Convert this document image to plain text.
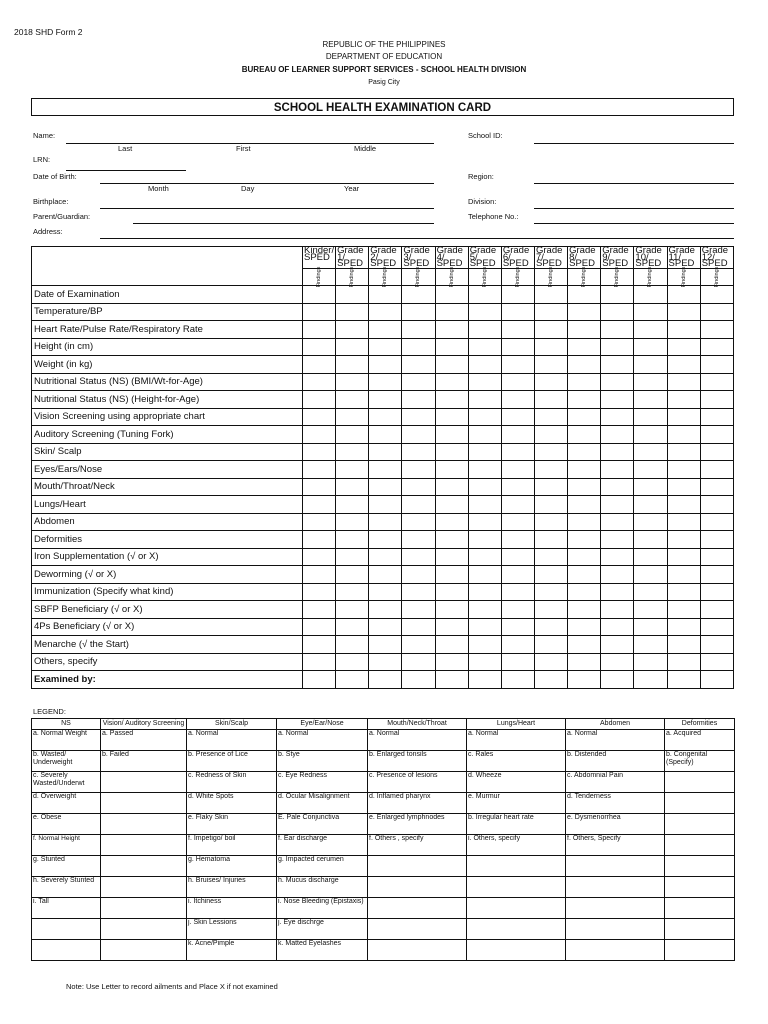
2018 SHD Form 2
REPUBLIC OF THE PHILIPPINES
DEPARTMENT OF EDUCATION
BUREAU OF LEARNER SUPPORT SERVICES - SCHOOL HEALTH DIVISION
Pasig City
SCHOOL HEALTH EXAMINATION CARD
Name:
Last	First	Middle
LRN:
Date of Birth:
Month	Day	Year
Birthplace:
Parent/Guardian:
Address:
School ID:
Region:
Division:
Telephone No.:
	Kinder/ SPED	Grade 1/ SPED	Grade 2/ SPED	Grade 3/ SPED	Grade 4/ SPED	Grade 5/ SPED	Grade 6/ SPED	Grade 7/ SPED	Grade 8/ SPED	Grade 9/ SPED	Grade 10/ SPED	Grade 11/ SPED	Grade 12/ SPED

	Findings	Findings	Findings	Findings	Findings	Findings	Findings	Findings	Findings	Findings	Findings	Findings	Findings

Date of Examination													
Temperature/BP													
Heart Rate/Pulse Rate/Respiratory Rate													
Height (in cm)													
Weight (in kg)													
Nutritional Status (NS) (BMI/Wt-for-Age)													
Nutritional Status (NS) (Height-for-Age)													
Vision Screening using appropriate chart													
Auditory Screening (Tuning Fork)													
Skin/ Scalp													
Eyes/Ears/Nose													
Mouth/Throat/Neck													
Lungs/Heart													
Abdomen													
Deformities													
Iron Supplementation (√ or X)													
Deworming (√ or X)													
Immunization (Specify what kind)													
SBFP Beneficiary (√ or X)													
4Ps Beneficiary (√ or X)													
Menarche (√ the Start)													
Others, specify													
Examined by:													
LEGEND:
NS	Vision/ Auditory Screening	Skin/Scalp	Eye/Ear/Nose	Mouth/Neck/Throat	Lungs/Heart	Abdomen	Deformities
a. Normal Weight	a. Passed	a. Normal	a. Normal	a. Normal	a. Normal	a. Normal	a. Acquired
b. Wasted/ Underweight	b. Failed	b. Presence of Lice	b. Stye	b. Enlarged tonsils	c. Rales	b. Distended	b. Congenital (Specify)
c. Severely Wasted/Underwt		c. Redness of Skin	c. Eye Redness	c. Presence of lesions	d. Wheeze	c. Abdomnial Pain	
d. Overweight		d. White Spots	d. Ocular Misalignment	d. Inflamed pharynx	e. Murmur	d. Tenderness	
e. Obese		e. Flaky Skin	E. Pale Conjunctiva	e. Enlarged lymphnodes	b. Irregular heart rate	e. Dysmenorrhea	
f. Normal Height		f. Impetigo/ boil	f. Ear discharge	f. Others , specify	i. Others, specify	f. Others, Specify	
g. Stunted		g. Hematoma	g. Impacted cerumen				
h. Severely Stunted		h. Bruises/ Injuries	h. Mucus discharge				
i. Tall		i. Itchiness	i. Nose Bleeding (Epistaxis)				
		j. Skin Lessions	j. Eye dischrge				
		k. Acne/Pimple	k. Matted Eyelashes				
Note: Use Letter to record ailments and Place X if not examined
